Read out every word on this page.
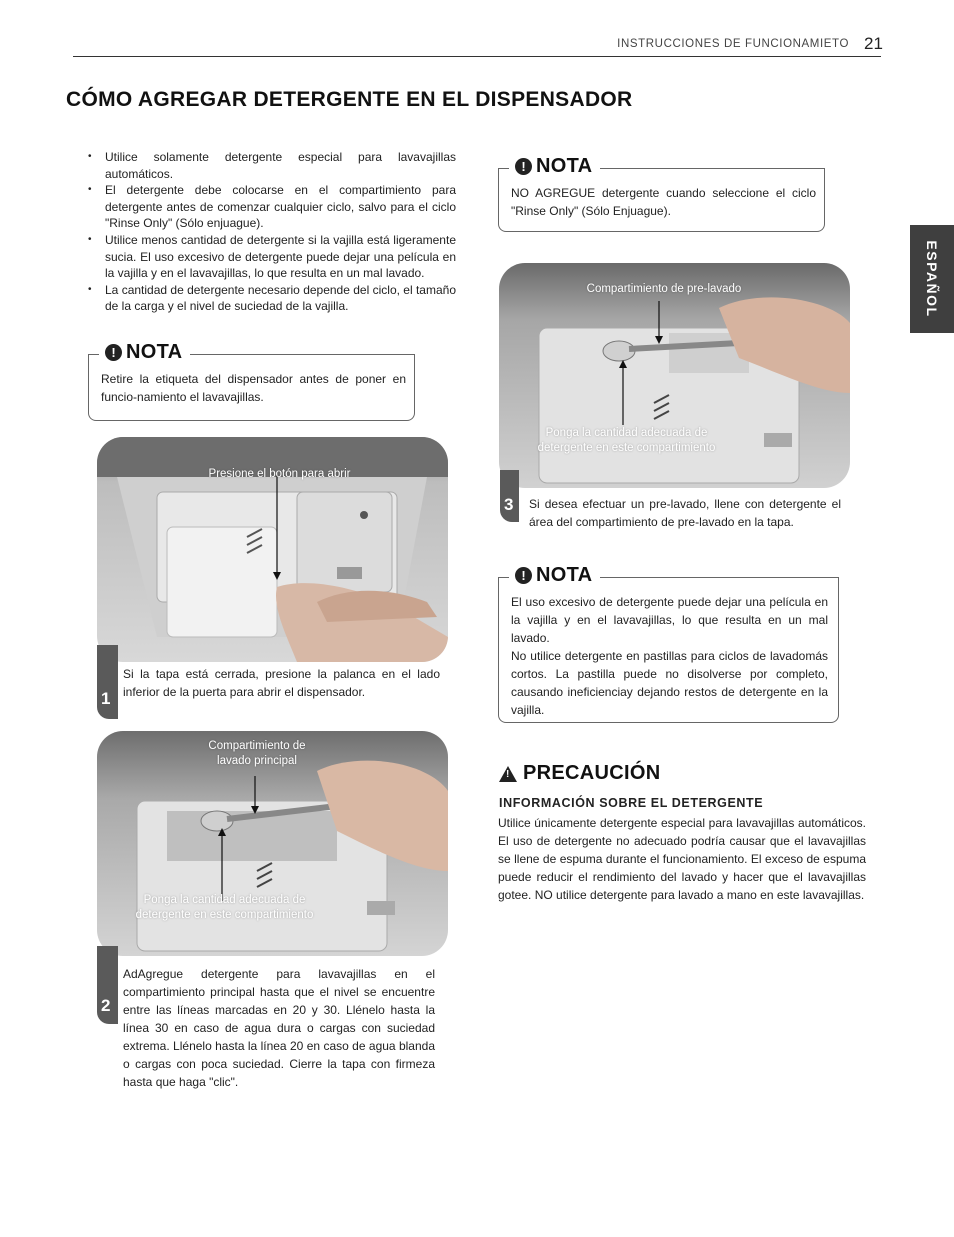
INSTRUCCIONES DE FUNCIONAMIETO 21
CÓMO AGREGAR DETERGENTE EN EL DISPENSADOR
ESPAÑOL
• Utilice solamente detergente especial para lavavajillas automáticos.
• El detergente debe colocarse en el compartimiento para detergente antes de comenzar cualquier ciclo, salvo para el ciclo "Rinse Only" (Sólo enjuague).
• Utilice menos cantidad de detergente si la vajilla está ligeramente sucia. El uso excesivo de detergente puede dejar una película en la vajilla y en el lavavajillas, lo que resulta en un mal lavado.
• La cantidad de detergente necesario depende del ciclo, el tamaño de la carga y el nivel de suciedad de la vajilla.
! NOTA
Retire la etiqueta del dispensador antes de poner en funcio-namiento el lavavajillas.
Presione el botón para abrir
1
Si la tapa está cerrada, presione la palanca en el lado inferior de la puerta para abrir el dispensador.
Compartimiento de lavado principal
Ponga la cantidad adecuada de detergente en este compartimiento
2
AdAgregue detergente para lavavajillas en el compartimiento principal hasta que el nivel se encuentre entre las líneas marcadas en 20 y 30. Llénelo hasta la línea 30 en caso de agua dura o cargas con suciedad extrema. Llénelo hasta la línea 20 en caso de agua blanda o cargas con poca suciedad. Cierre la tapa con firmeza hasta que haga "clic".
! NOTA
NO AGREGUE detergente cuando seleccione el ciclo "Rinse Only" (Sólo Enjuague).
Compartimiento de pre-lavado
Ponga la cantidad adecuada de detergente en este compartimiento
3 Si desea efectuar un pre-lavado, llene con detergente el área del compartimiento de pre-lavado en la tapa.
! NOTA
El uso excesivo de detergente puede dejar una película en la vajilla y en el lavavajillas, lo que resulta en un mal lavado.
No utilice detergente en pastillas para ciclos de lavadomás cortos. La pastilla puede no disolverse por completo, causando ineficienciay dejando restos de detergente en la vajilla.
! PRECAUCIÓN
INFORMACIÓN SOBRE EL DETERGENTE
Utilice únicamente detergente especial para lavavajillas automáticos. El uso de detergente no adecuado podría causar que el lavavajillas se llene de espuma durante el funcionamiento. El exceso de espuma puede reducir el rendimiento del lavado y hacer que el lavavajillas gotee. NO utilice detergente para lavado a mano en este lavavajillas.
